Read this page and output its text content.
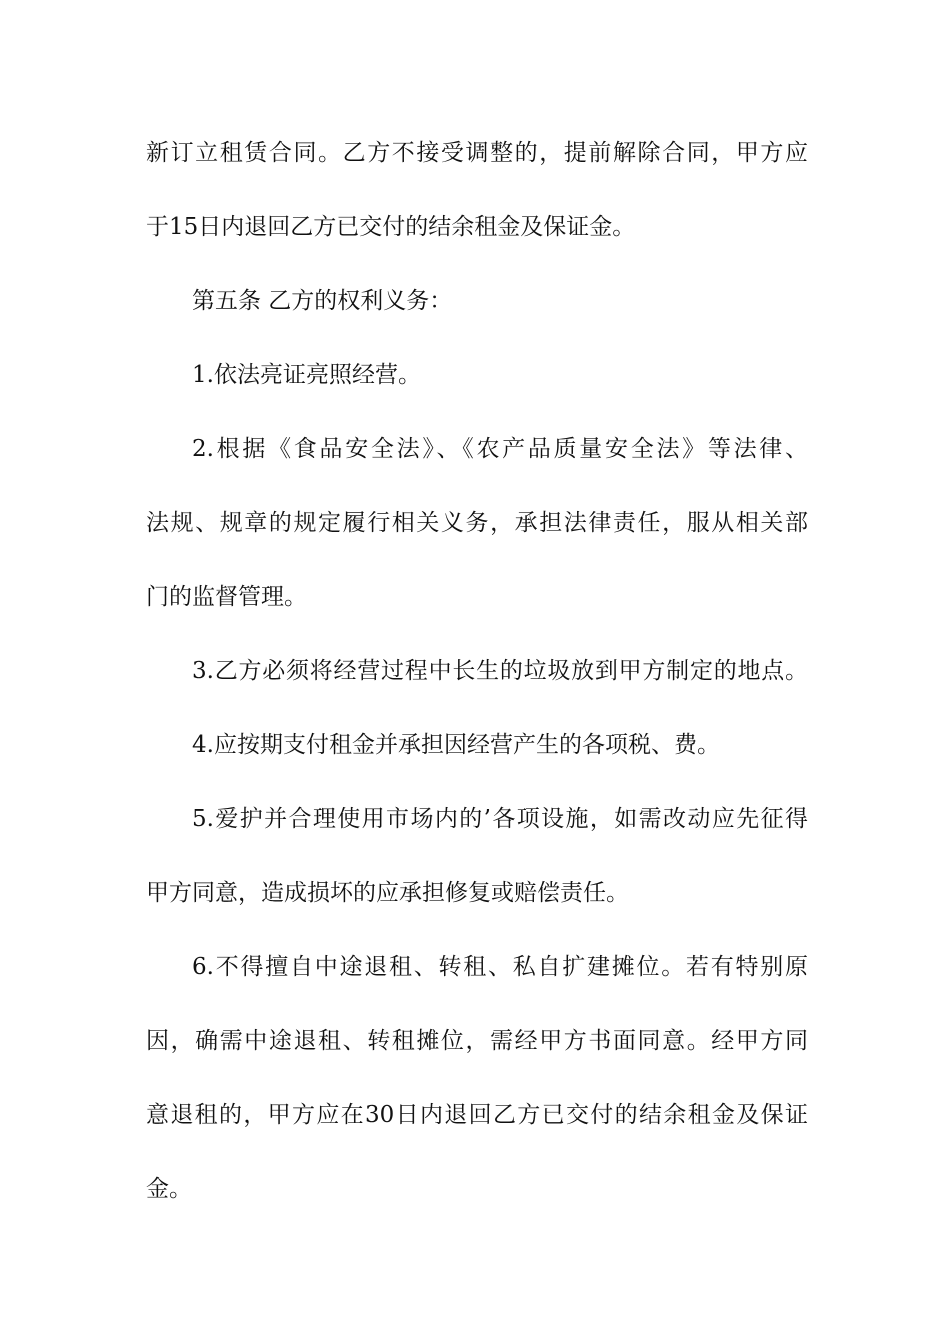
新订立租赁合同。乙方不接受调整的，提前解除合同，甲方应
于15日内退回乙方已交付的结余租金及保证金。
第五条 乙方的权利义务：
1.依法亮证亮照经营。
2.根据《食品安全法》、《农产品质量安全法》等法律、
法规、规章的规定履行相关义务，承担法律责任，服从相关部
门的监督管理。
3.乙方必须将经营过程中长生的垃圾放到甲方制定的地点。
4.应按期支付租金并承担因经营产生的各项税、费。
5.爱护并合理使用市场内的’各项设施，如需改动应先征得
甲方同意，造成损坏的应承担修复或赔偿责任。
6.不得擅自中途退租、转租、私自扩建摊位。若有特别原
因，确需中途退租、转租摊位，需经甲方书面同意。经甲方同
意退租的，甲方应在30日内退回乙方已交付的结余租金及保证
金。
